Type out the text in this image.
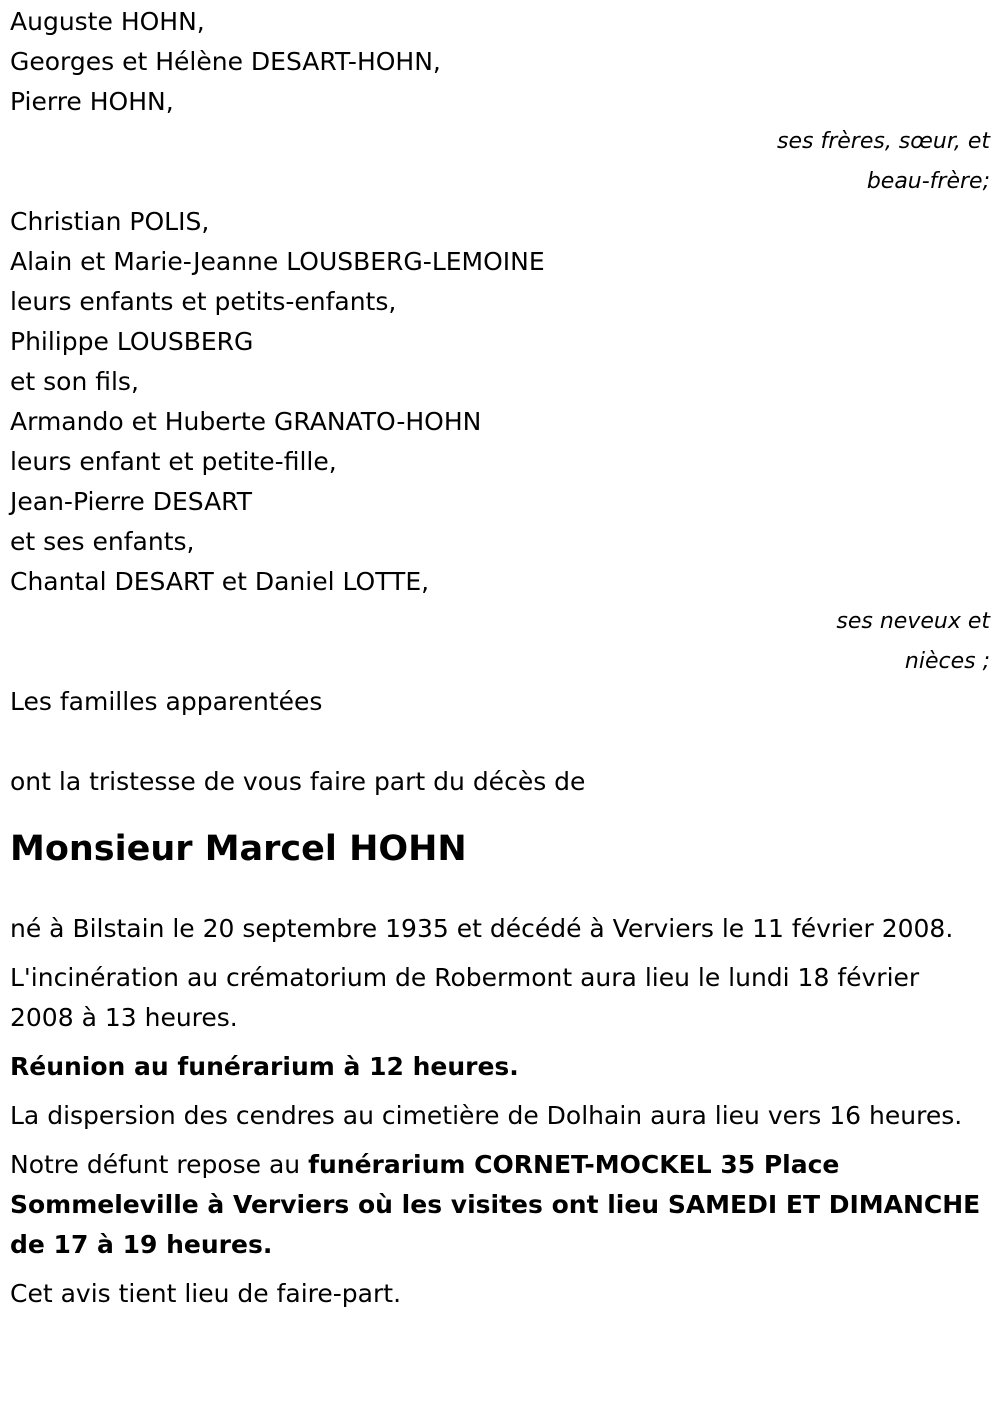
Auguste HOHN,
Georges et Hélène DESART-HOHN,
Pierre HOHN,
ses frères, sœur, et
beau-frère;
Christian POLIS,
Alain et Marie-Jeanne LOUSBERG-LEMOINE
leurs enfants et petits-enfants,
Philippe LOUSBERG
et son fils,
Armando et Huberte GRANATO-HOHN
leurs enfant et petite-fille,
Jean-Pierre DESART
et ses enfants,
Chantal DESART et Daniel LOTTE,
ses neveux et
nièces ;
Les familles apparentées
ont la tristesse de vous faire part du décès de
Monsieur Marcel HOHN

né à Bilstain le 20 septembre 1935 et décédé à Verviers le 11 février 2008.

L'incinération au crématorium de Robermont aura lieu le lundi 18 février 2008 à 13 heures.

Réunion au funérarium à 12 heures.

La dispersion des cendres au cimetière de Dolhain aura lieu vers 16 heures.

Notre défunt repose au funérarium CORNET-MOCKEL 35 Place Sommeleville à Verviers où les visites ont lieu SAMEDI ET DIMANCHE de 17 à 19 heures.

Cet avis tient lieu de faire-part.
